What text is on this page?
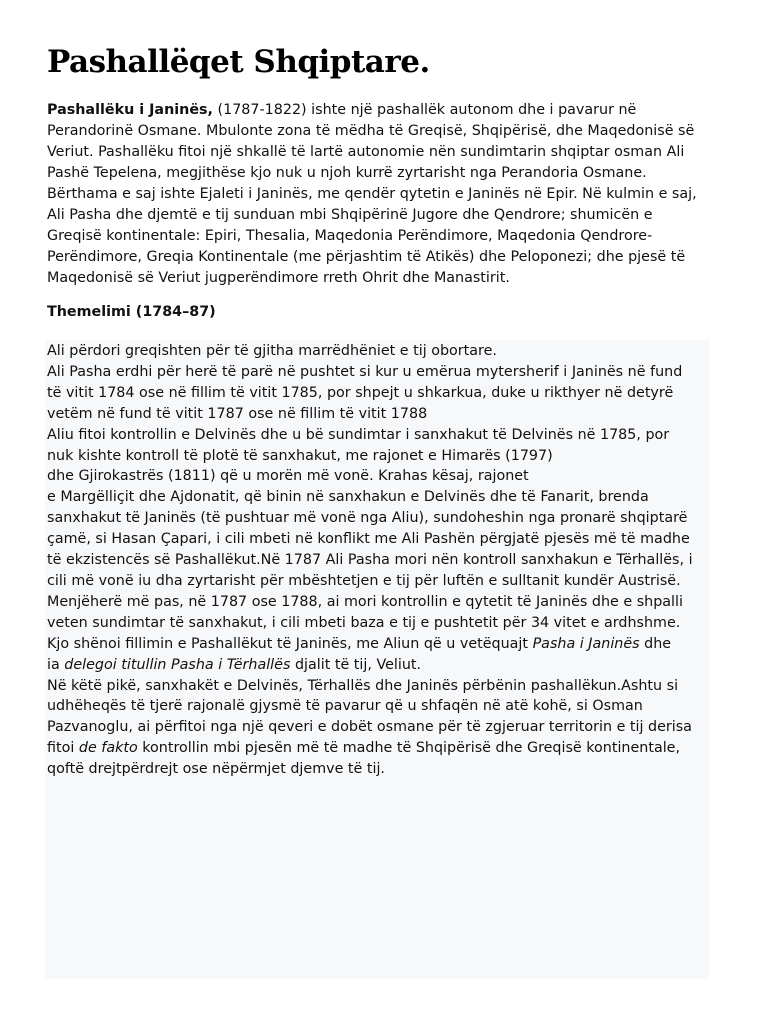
Pashallëqet Shqiptare.

Pashallëku i Janinës, (1787-1822) ishte një pashallëk autonom dhe i pavarur në
Perandorinë Osmane. Mbulonte zona të mëdha të Greqisë, Shqipërisë, dhe Maqedonisë së
Veriut. Pashallëku fitoi një shkallë të lartë autonomie nën sundimtarin shqiptar osman Ali
Pashë Tepelena, megjithëse kjo nuk u njoh kurrë zyrtarisht nga Perandoria Osmane.
Bërthama e saj ishte Ejaleti i Janinës, me qendër qytetin e Janinës në Epir. Në kulmin e saj,
Ali Pasha dhe djemtë e tij sunduan mbi Shqipërinë Jugore dhe Qendrore; shumicën e
Greqisë kontinentale: Epiri, Thesalia, Maqedonia Perëndimore, Maqedonia Qendrore-
Perëndimore, Greqia Kontinentale (me përjashtim të Atikës) dhe Peloponezi; dhe pjesë të
Maqedonisë së Veriut jugperëndimore rreth Ohrit dhe Manastirit.

Themelimi (1784–87)

Ali përdori greqishten për të gjitha marrëdhëniet e tij obortare.
Ali Pasha erdhi për herë të parë në pushtet si kur u emërua mytersherif i Janinës në fund
të vitit 1784 ose në fillim të vitit 1785, por shpejt u shkarkua, duke u rikthyer në detyrë
vetëm në fund të vitit 1787 ose në fillim të vitit 1788
Aliu fitoi kontrollin e Delvinës dhe u bë sundimtar i sanxhakut të Delvinës në 1785, por
nuk kishte kontroll të plotë të sanxhakut, me rajonet e Himarës (1797)
dhe Gjirokastrës (1811) që u morën më vonë. Krahas kësaj, rajonet
e Margëlliçit dhe Ajdonatit, që binin në sanxhakun e Delvinës dhe të Fanarit, brenda
sanxhakut të Janinës (të pushtuar më vonë nga Aliu), sundoheshin nga pronarë shqiptarë
çamë, si Hasan Çapari, i cili mbeti në konflikt me Ali Pashën përgjatë pjesës më të madhe
të ekzistencës së Pashallëkut.Në 1787 Ali Pasha mori nën kontroll sanxhakun e Tërhallës, i
cili më vonë iu dha zyrtarisht për mbështetjen e tij për luftën e sulltanit kundër Austrisë.
Menjëherë më pas, në 1787 ose 1788, ai mori kontrollin e qytetit të Janinës dhe e shpalli
veten sundimtar të sanxhakut, i cili mbeti baza e tij e pushtetit për 34 vitet e ardhshme.
Kjo shënoi fillimin e Pashallëkut të Janinës, me Aliun që u vetëquajt Pasha i Janinës dhe
ia delegoi titullin Pasha i Tërhallës djalit të tij, Veliut.
Në këtë pikë, sanxhakët e Delvinës, Tërhallës dhe Janinës përbënin pashallëkun.Ashtu si
udhëheqës të tjerë rajonalë gjysmë të pavarur që u shfaqën në atë kohë, si Osman
Pazvanoglu, ai përfitoi nga një qeveri e dobët osmane për të zgjeruar territorin e tij derisa
fitoi de fakto kontrollin mbi pjesën më të madhe të Shqipërisë dhe Greqisë kontinentale,
qoftë drejtpërdrejt ose nëpërmjet djemve të tij.
